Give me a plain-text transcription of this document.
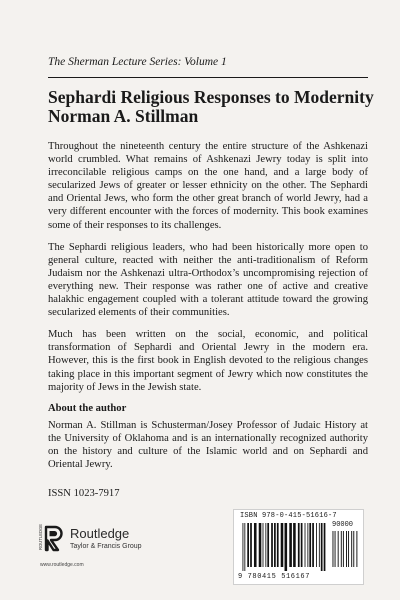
The Sherman Lecture Series: Volume 1

Sephardi Religious Responses to Modernity
Norman A. Stillman

Throughout the nineteenth century the entire structure of the Ashkenazi world crumbled. What remains of Ashkenazi Jewry today is split into irreconcilable religious camps on the one hand, and a large body of secularized Jews of greater or lesser ethnicity on the other. The Sephardi and Oriental Jews, who form the other great branch of world Jewry, had a very different encounter with the forces of modernity. This book examines some of their responses to its challenges.

The Sephardi religious leaders, who had been historically more open to general culture, reacted with neither the anti-traditionalism of Reform Judaism nor the Ashkenazi ultra-Orthodox’s uncompromising rejection of everything new. Their response was rather one of active and creative halakhic engagement coupled with a tolerant attitude toward the growing secularized elements of their communities.

Much has been written on the social, economic, and political transformation of Sephardi and Oriental Jewry in the modern era. However, this is the first book in English devoted to the religious changes taking place in this important segment of Jewry which now constitutes the majority of Jews in the Jewish state.

About the author

Norman A. Stillman is Schusterman/Josey Professor of Judaic History at the University of Oklahoma and is an internationally recognized authority on the history and culture of the Islamic world and on Sephardi and Oriental Jewry.

ISSN 1023-7917
ROUTLEDGE Routledge
Taylor & Francis Group
www.routledge.com
ISBN 978-0-415-51616-7
90000
9 780415 516167
